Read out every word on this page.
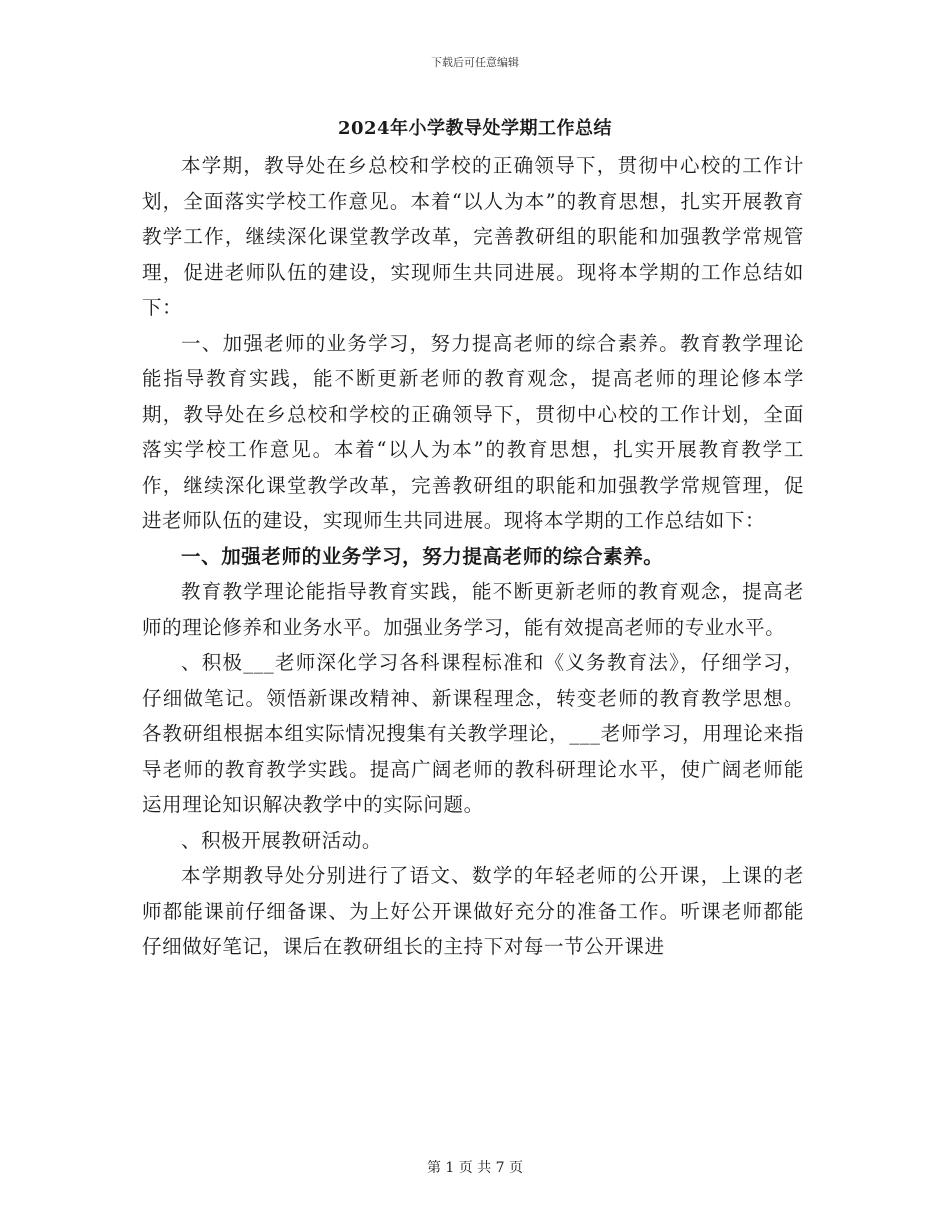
下载后可任意编辑
2024年小学教导处学期工作总结

本学期，教导处在乡总校和学校的正确领导下，贯彻中心校的工作计划，全面落实学校工作意见。本着“以人为本”的教育思想，扎实开展教育教学工作，继续深化课堂教学改革，完善教研组的职能和加强教学常规管理，促进老师队伍的建设，实现师生共同进展。现将本学期的工作总结如下：

一、加强老师的业务学习，努力提高老师的综合素养。教育教学理论能指导教育实践，能不断更新老师的教育观念，提高老师的理论修本学期，教导处在乡总校和学校的正确领导下，贯彻中心校的工作计划，全面落实学校工作意见。本着“以人为本”的教育思想，扎实开展教育教学工作，继续深化课堂教学改革，完善教研组的职能和加强教学常规管理，促进老师队伍的建设，实现师生共同进展。现将本学期的工作总结如下：

一、加强老师的业务学习，努力提高老师的综合素养。

教育教学理论能指导教育实践，能不断更新老师的教育观念，提高老师的理论修养和业务水平。加强业务学习，能有效提高老师的专业水平。

、积极___老师深化学习各科课程标准和《义务教育法》，仔细学习，仔细做笔记。领悟新课改精神、新课程理念，转变老师的教育教学思想。各教研组根据本组实际情况搜集有关教学理论，___老师学习，用理论来指导老师的教育教学实践。提高广阔老师的教科研理论水平，使广阔老师能运用理论知识解决教学中的实际问题。

、积极开展教研活动。

本学期教导处分别进行了语文、数学的年轻老师的公开课，上课的老师都能课前仔细备课、为上好公开课做好充分的准备工作。听课老师都能仔细做好笔记，课后在教研组长的主持下对每一节公开课进

第 1 页 共 7 页
